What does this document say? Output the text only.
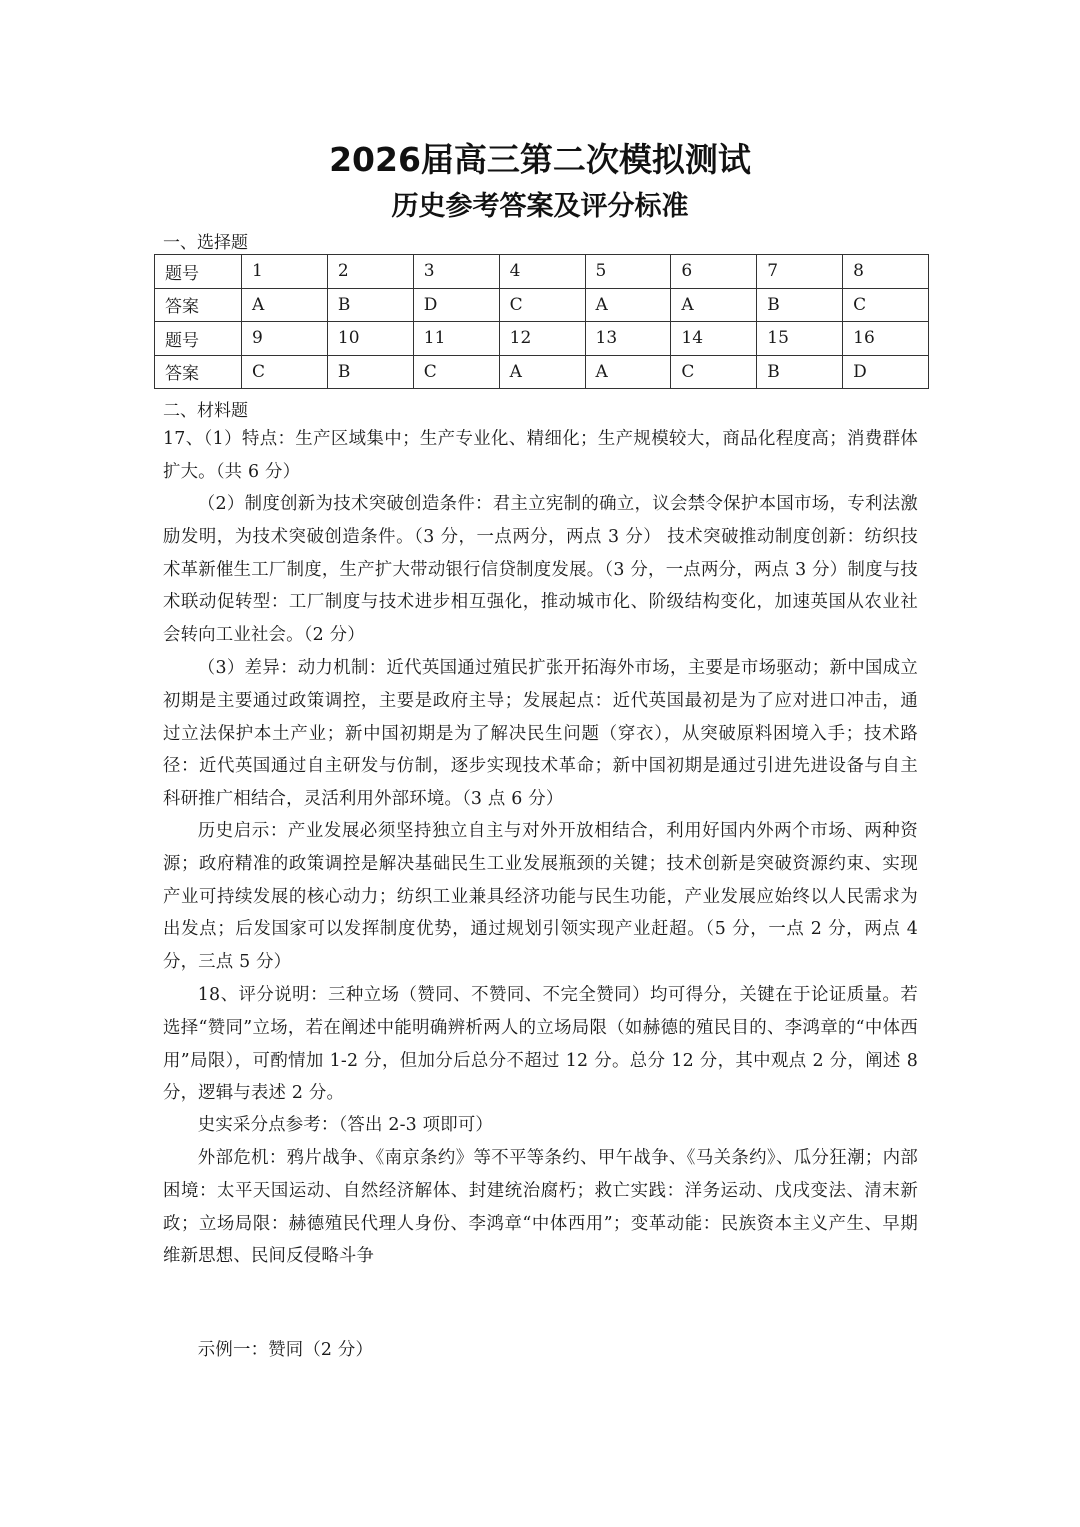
2026届高三第二次模拟测试
历史参考答案及评分标准
一、选择题
题号	1	2	3	4	5	6	7	8
答案	A	B	D	C	A	A	B	C
题号	9	10	11	12	13	14	15	16
答案	C	B	C	A	A	C	B	D
二、材料题
17、（1）特点：生产区域集中；生产专业化、精细化；生产规模较大，商品化程度高；消费群体扩大。（共 6 分）
（2）制度创新为技术突破创造条件：君主立宪制的确立，议会禁令保护本国市场，专利法激励发明，为技术突破创造条件。（3 分，一点两分，两点 3 分） 技术突破推动制度创新：纺织技术革新催生工厂制度，生产扩大带动银行信贷制度发展。（3 分，一点两分，两点 3 分）制度与技术联动促转型：工厂制度与技术进步相互强化，推动城市化、阶级结构变化，加速英国从农业社会转向工业社会。（2 分）
（3）差异：动力机制：近代英国通过殖民扩张开拓海外市场，主要是市场驱动；新中国成立初期是主要通过政策调控，主要是政府主导；发展起点：近代英国最初是为了应对进口冲击，通过立法保护本土产业；新中国初期是为了解决民生问题（穿衣），从突破原料困境入手；技术路径：近代英国通过自主研发与仿制，逐步实现技术革命；新中国初期是通过引进先进设备与自主科研推广相结合，灵活利用外部环境。（3 点 6 分）
历史启示：产业发展必须坚持独立自主与对外开放相结合，利用好国内外两个市场、两种资源；政府精准的政策调控是解决基础民生工业发展瓶颈的关键；技术创新是突破资源约束、实现产业可持续发展的核心动力；纺织工业兼具经济功能与民生功能，产业发展应始终以人民需求为出发点；后发国家可以发挥制度优势，通过规划引领实现产业赶超。（5 分，一点 2 分，两点 4 分，三点 5 分）
18、评分说明：三种立场（赞同、不赞同、不完全赞同）均可得分，关键在于论证质量。若选择“赞同”立场，若在阐述中能明确辨析两人的立场局限（如赫德的殖民目的、李鸿章的“中体西用”局限），可酌情加 1-2 分，但加分后总分不超过 12 分。总分 12 分，其中观点 2 分，阐述 8 分，逻辑与表述 2 分。
史实采分点参考：（答出 2-3 项即可）
外部危机：鸦片战争、《南京条约》等不平等条约、甲午战争、《马关条约》、瓜分狂潮；内部困境：太平天国运动、自然经济解体、封建统治腐朽；救亡实践：洋务运动、戊戌变法、清末新政；立场局限：赫德殖民代理人身份、李鸿章“中体西用”；变革动能：民族资本主义产生、早期维新思想、民间反侵略斗争
示例一：赞同（2 分）
